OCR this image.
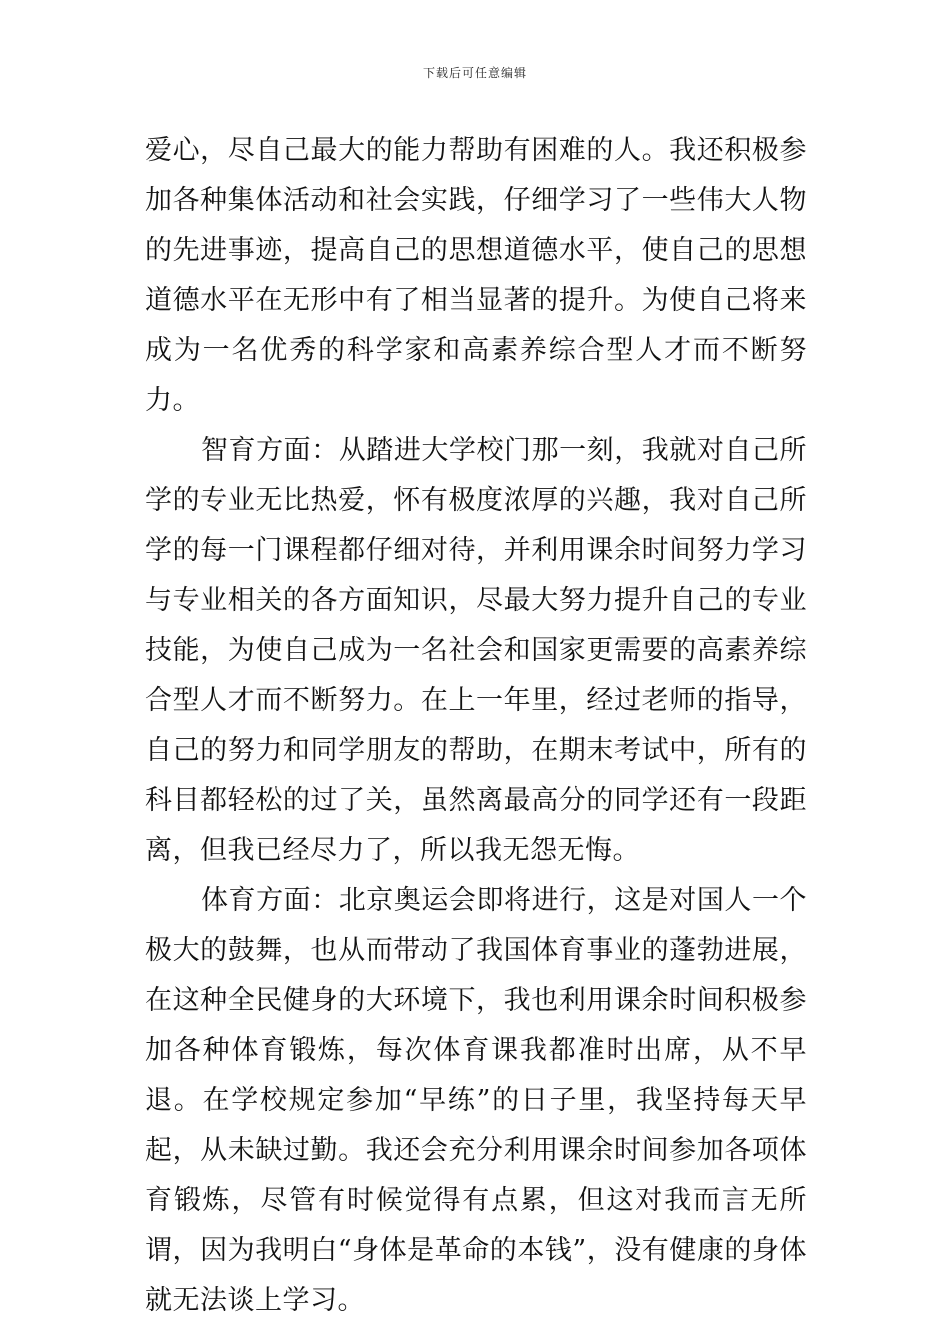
下载后可任意编辑

爱心，尽自己最大的能力帮助有困难的人。我还积极参加各种集体活动和社会实践，仔细学习了一些伟大人物的先进事迹，提高自己的思想道德水平，使自己的思想道德水平在无形中有了相当显著的提升。为使自己将来成为一名优秀的科学家和高素养综合型人才而不断努力。

智育方面：从踏进大学校门那一刻，我就对自己所学的专业无比热爱，怀有极度浓厚的兴趣，我对自己所学的每一门课程都仔细对待，并利用课余时间努力学习与专业相关的各方面知识，尽最大努力提升自己的专业技能，为使自己成为一名社会和国家更需要的高素养综合型人才而不断努力。在上一年里，经过老师的指导，自己的努力和同学朋友的帮助，在期末考试中，所有的科目都轻松的过了关，虽然离最高分的同学还有一段距离，但我已经尽力了，所以我无怨无悔。

体育方面：北京奥运会即将进行，这是对国人一个极大的鼓舞，也从而带动了我国体育事业的蓬勃进展，在这种全民健身的大环境下，我也利用课余时间积极参加各种体育锻炼，每次体育课我都准时出席，从不早退。在学校规定参加“早练”的日子里，我坚持每天早起，从未缺过勤。我还会充分利用课余时间参加各项体育锻炼，尽管有时候觉得有点累，但这对我而言无所谓，因为我明白“身体是革命的本钱”，没有健康的身体就无法谈上学习。
